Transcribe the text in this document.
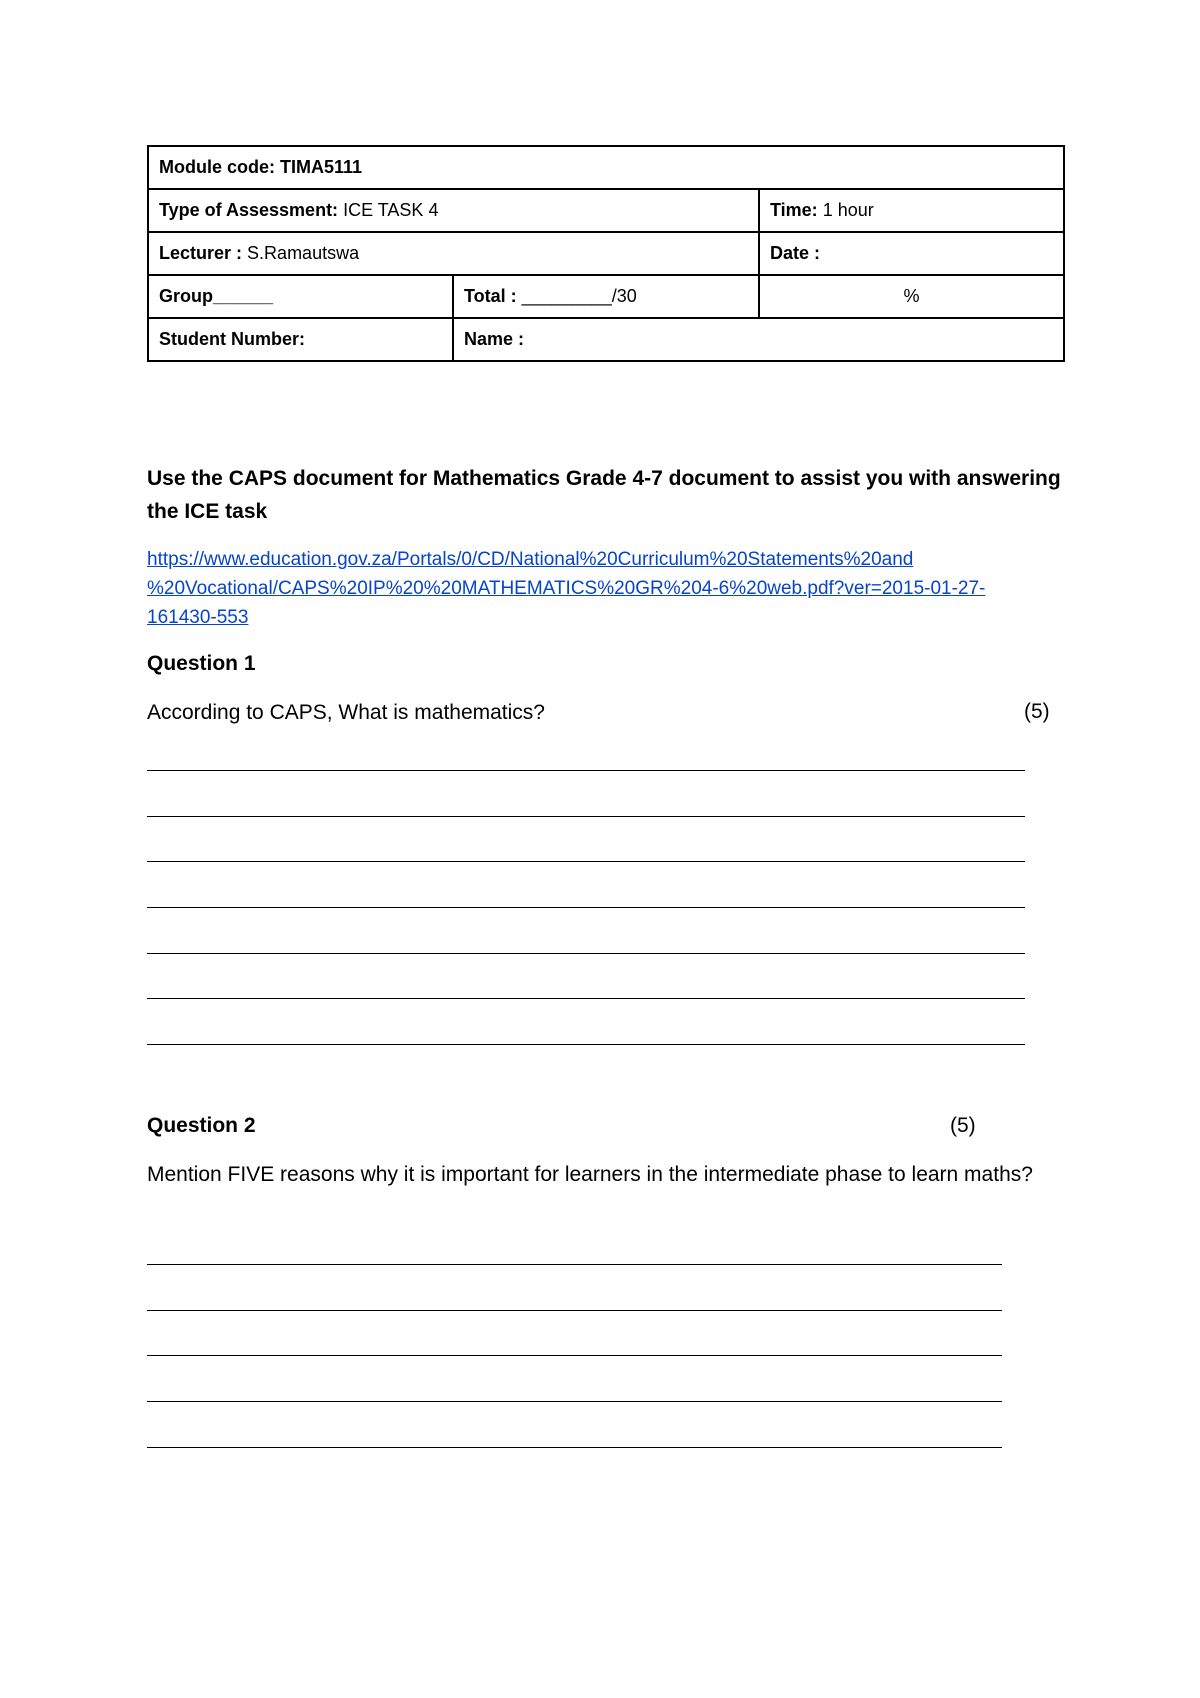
Module code: TIMA5111		
Type of Assessment: ICE TASK 4		Time: 1 hour
Lecturer : S.Ramautswa		Date :
Group______	Total : _________/30	%
Student Number:	Name :	
Use the CAPS document for Mathematics Grade 4-7 document to assist you with answering the ICE task
https://www.education.gov.za/Portals/0/CD/National%20Curriculum%20Statements%20and
%20Vocational/CAPS%20IP%20%20MATHEMATICS%20GR%204-6%20web.pdf?ver=2015-01-27-
161430-553
Question 1
According to CAPS, What is mathematics?	(5)
Question 2	(5)
Mention FIVE reasons why it is important for learners in the intermediate phase to learn maths?
